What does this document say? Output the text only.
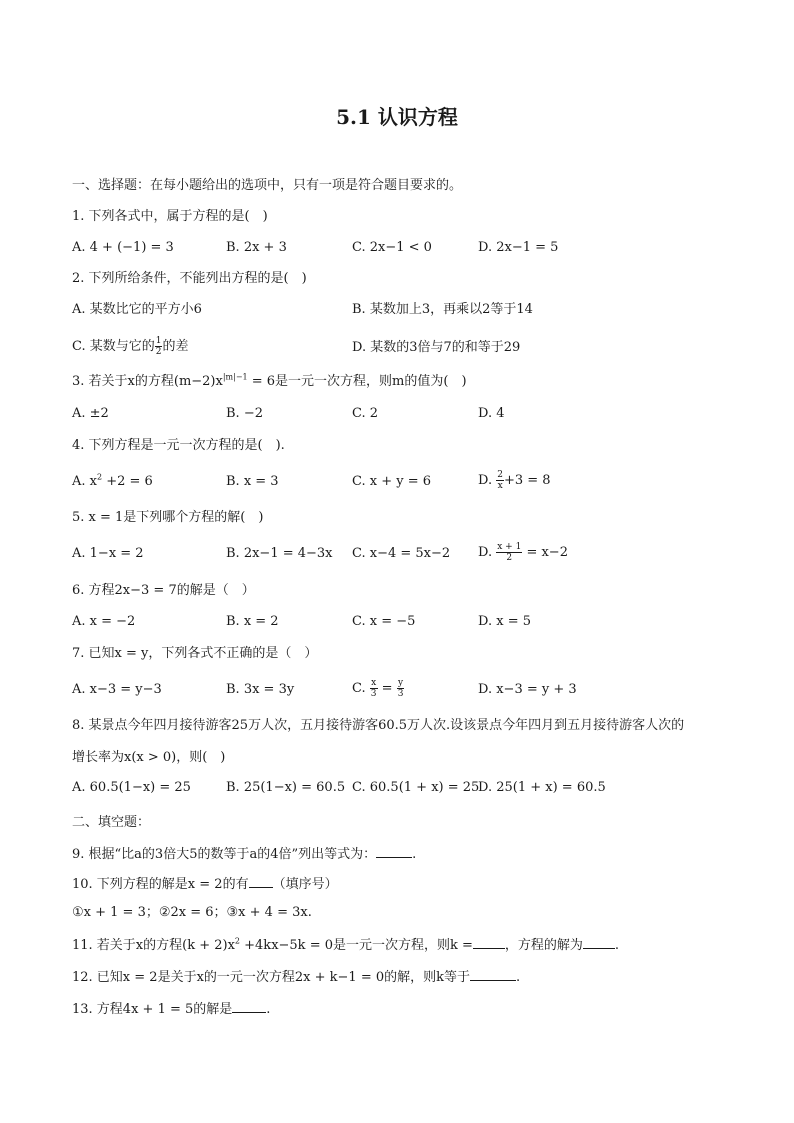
5.1 认识方程
一、选择题：在每小题给出的选项中，只有一项是符合题目要求的。
1. 下列各式中，属于方程的是(　)
A. 4 + (−1) = 3	B. 2x + 3	C. 2x−1 < 0	D. 2x−1 = 5
2. 下列所给条件，不能列出方程的是(　)
A. 某数比它的平方小6	B. 某数加上3，再乘以2等于14
C. 某数与它的 $\frac{1}{2}$ 的差	D. 某数的3倍与7的和等于29
3. 若关于x的方程$(m-2)x^{|m|-1} = 6$是一元一次方程，则m的值为(　)
A. ±2	B. −2	C. 2	D. 4
4. 下列方程是一元一次方程的是(　).
A. $x^2 +2 = 6$	B. x = 3	C. x + y = 6	D. $\frac{2}{x} +3 = 8$
5. x = 1是下列哪个方程的解(　)
A. 1−x = 2	B. 2x−1 = 4−3x C. x−4 = 5x−2 D. $\frac{x + 1}{2} = x-2$
6. 方程2x−3 = 7的解是（　）
A. x = −2	B. x = 2	C. x = −5	D. x = 5
7. 已知x = y，下列各式不正确的是（　）
A. x−3 = y−3	B. 3x = 3y	C. $\frac{x}{3} = \frac{y}{3}$	D. x−3 = y + 3
8. 某景点今年四月接待游客25万人次，五月接待游客60.5万人次.设该景点今年四月到五月接待游客人次的
增长率为x(x > 0)，则(　)
A. 60.5(1−x) = 25	B. 25(1−x) = 60.5 C. 60.5(1 + x) = 25
D. 25(1 + x) = 60.5
二、填空题：
9. 根据“比a的3倍大5的数等于a的4倍”列出等式为：	.
10. 下列方程的解是x = 2的有 （填序号）
①x + 1 = 3；②2x = 6；③x + 4 = 3x.
11. 若关于x的方程$(k + 2)x^2 +4kx-5k = 0$是一元一次方程，则k = ，方程的解为 .
12. 已知x = 2是关于x的一元一次方程2x + k−1 = 0的解，则k等于	.
13. 方程4x + 1 = 5的解是	.
